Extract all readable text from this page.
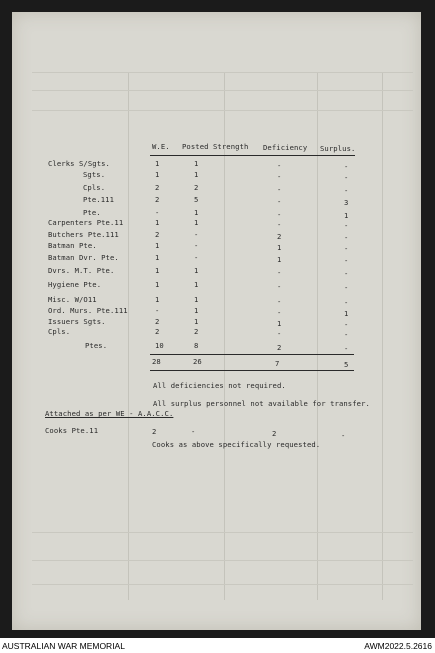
W.E. Posted Strength Deficiency Surplus.
Clerks S/Sgts.	1	1	-	-
Sgts.	1	1	-	-
Cpls.	2	2	-	-
Pte.111	2	5	-	3
Pte.	-	1	-	1
Carpenters Pte.11	1	1	-	-
Butchers Pte.111	2	-	2	-
Batman Pte.	1	-	1	-
Batman Dvr. Pte.	1	-	1	-
Dvrs. M.T. Pte.	1	1	-	-
Hygiene Pte.	1	1	-	-
Misc. W/O11	1	1	-	-
Ord. Murs. Pte.111	-	1	-	1
Issuers Sgts.	2	1	1	-
Cpls.	2	2	-	-
Ptes.	10	8	2	-
28	26	7	5
All deficiencies not required.
All surplus personnel not available for transfer.
Attached as per WE - A.A.C.C.
Cooks Pte.11	2	-	2	-
Cooks as above specifically requested.
AUSTRALIAN WAR MEMORIAL	AWM2022.5.2616
